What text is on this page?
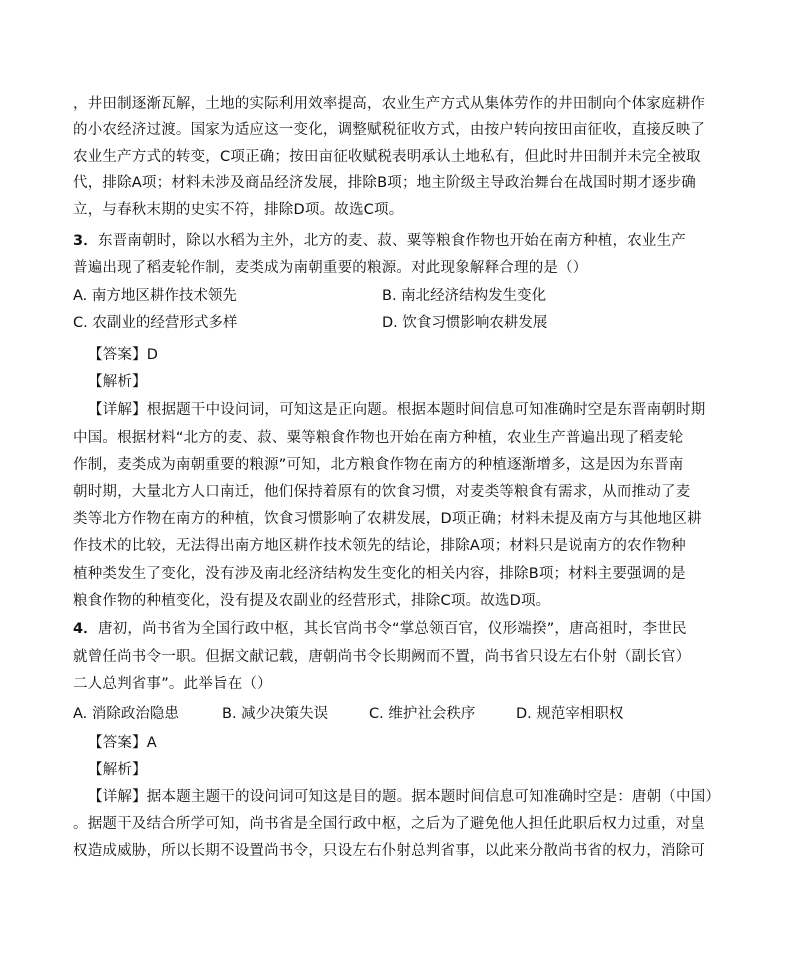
，井田制逐渐瓦解，土地的实际利用效率提高，农业生产方式从集体劳作的井田制向个体家庭耕作
的小农经济过渡。国家为适应这一变化，调整赋税征收方式，由按户转向按田亩征收，直接反映了
农业生产方式的转变，C项正确；按田亩征收赋税表明承认土地私有，但此时井田制并未完全被取
代，排除A项；材料未涉及商品经济发展，排除B项；地主阶级主导政治舞台在战国时期才逐步确
立，与春秋末期的史实不符，排除D项。故选C项。
3．东晋南朝时，除以水稻为主外，北方的麦、菽、粟等粮食作物也开始在南方种植，农业生产
普遍出现了稻麦轮作制，麦类成为南朝重要的粮源。对此现象解释合理的是（）
A. 南方地区耕作技术领先	B. 南北经济结构发生变化
C. 农副业的经营形式多样	D. 饮食习惯影响农耕发展
【答案】D
【解析】
【详解】根据题干中设问词，可知这是正向题。根据本题时间信息可知准确时空是东晋南朝时期
中国。根据材料“北方的麦、菽、粟等粮食作物也开始在南方种植，农业生产普遍出现了稻麦轮
作制，麦类成为南朝重要的粮源”可知，北方粮食作物在南方的种植逐渐增多，这是因为东晋南
朝时期，大量北方人口南迁，他们保持着原有的饮食习惯，对麦类等粮食有需求，从而推动了麦
类等北方作物在南方的种植，饮食习惯影响了农耕发展，D项正确；材料未提及南方与其他地区耕
作技术的比较，无法得出南方地区耕作技术领先的结论，排除A项；材料只是说南方的农作物种
植种类发生了变化，没有涉及南北经济结构发生变化的相关内容，排除B项；材料主要强调的是
粮食作物的种植变化，没有提及农副业的经营形式，排除C项。故选D项。
4．唐初，尚书省为全国行政中枢，其长官尚书令“掌总领百官，仪形端揆”，唐高祖时，李世民
就曾任尚书令一职。但据文献记载，唐朝尚书令长期阙而不置，尚书省只设左右仆射（副长官）
二人总判省事”。此举旨在（）
A. 消除政治隐患	B. 减少决策失误	C. 维护社会秩序	D. 规范宰相职权
【答案】A
【解析】
【详解】据本题主题干的设问词可知这是目的题。据本题时间信息可知准确时空是：唐朝（中国）
。据题干及结合所学可知，尚书省是全国行政中枢，之后为了避免他人担任此职后权力过重，对皇
权造成威胁，所以长期不设置尚书令，只设左右仆射总判省事，以此来分散尚书省的权力，消除可
